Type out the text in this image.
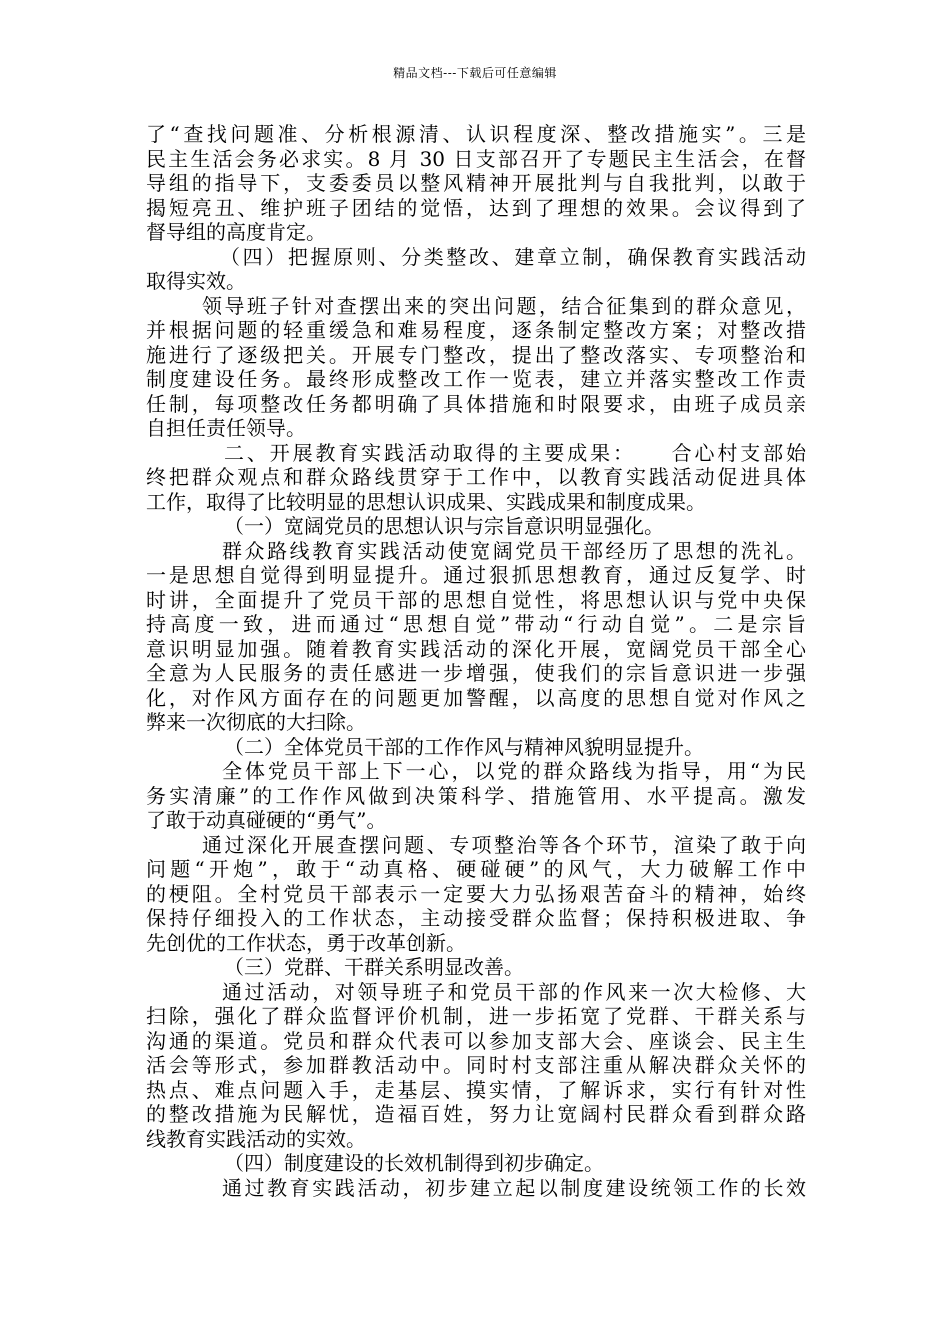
精品文档---下载后可任意编辑
了“查找问题准、分析根源清、认识程度深、整改措施实”。三是
民主生活会务必求实。8 月 30 日支部召开了专题民主生活会，在督
导组的指导下，支委委员以整风精神开展批判与自我批判，以敢于
揭短亮丑、维护班子团结的觉悟，达到了理想的效果。会议得到了
督导组的高度肯定。
（四）把握原则、分类整改、建章立制，确保教育实践活动
取得实效。
领导班子针对查摆出来的突出问题，结合征集到的群众意见，
并根据问题的轻重缓急和难易程度，逐条制定整改方案；对整改措
施进行了逐级把关。开展专门整改，提出了整改落实、专项整治和
制度建设任务。最终形成整改工作一览表，建立并落实整改工作责
任制，每项整改任务都明确了具体措施和时限要求，由班子成员亲
自担任责任领导。
二、开展教育实践活动取得的主要成果：　　合心村支部始
终把群众观点和群众路线贯穿于工作中，以教育实践活动促进具体
工作，取得了比较明显的思想认识成果、实践成果和制度成果。
（一）宽阔党员的思想认识与宗旨意识明显强化。
群众路线教育实践活动使宽阔党员干部经历了思想的洗礼。
一是思想自觉得到明显提升。通过狠抓思想教育，通过反复学、时
时讲，全面提升了党员干部的思想自觉性，将思想认识与党中央保
持高度一致，进而通过“思想自觉”带动“行动自觉”。二是宗旨
意识明显加强。随着教育实践活动的深化开展，宽阔党员干部全心
全意为人民服务的责任感进一步增强，使我们的宗旨意识进一步强
化，对作风方面存在的问题更加警醒，以高度的思想自觉对作风之
弊来一次彻底的大扫除。
（二）全体党员干部的工作作风与精神风貌明显提升。
全体党员干部上下一心，以党的群众路线为指导，用“为民
务实清廉”的工作作风做到决策科学、措施管用、水平提高。激发
了敢于动真碰硬的“勇气”。
通过深化开展查摆问题、专项整治等各个环节，渲染了敢于向
问题“开炮”，敢于“动真格、硬碰硬”的风气，大力破解工作中
的梗阻。全村党员干部表示一定要大力弘扬艰苦奋斗的精神，始终
保持仔细投入的工作状态，主动接受群众监督；保持积极进取、争
先创优的工作状态，勇于改革创新。
（三）党群、干群关系明显改善。
通过活动，对领导班子和党员干部的作风来一次大检修、大
扫除，强化了群众监督评价机制，进一步拓宽了党群、干群关系与
沟通的渠道。党员和群众代表可以参加支部大会、座谈会、民主生
活会等形式，参加群教活动中。同时村支部注重从解决群众关怀的
热点、难点问题入手，走基层、摸实情，了解诉求，实行有针对性
的整改措施为民解忧，造福百姓，努力让宽阔村民群众看到群众路
线教育实践活动的实效。
（四）制度建设的长效机制得到初步确定。
通过教育实践活动，初步建立起以制度建设统领工作的长效
